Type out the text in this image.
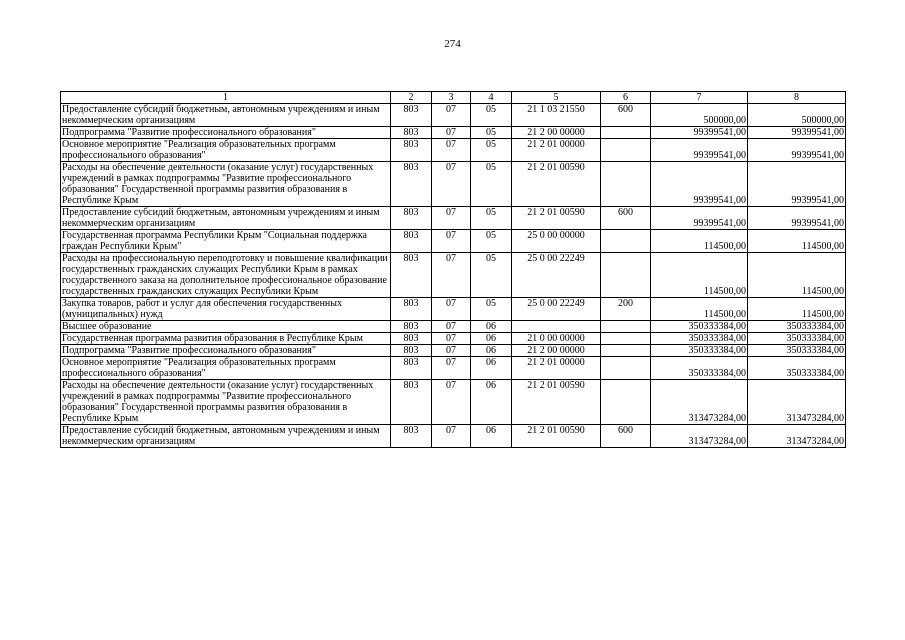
274
1	2	3	4	5	6	7	8
Предоставление субсидий бюджетным, автономным учреждениям и иным некоммерческим организациям	803	07	05	21 1 03 21550	600	500000,00	500000,00
Подпрограмма "Развитие профессионального образования"	803	07	05	21 2 00 00000		99399541,00	99399541,00
Основное мероприятие "Реализация образовательных программ профессионального образования"	803	07	05	21 2 01 00000		99399541,00	99399541,00
Расходы на обеспечение деятельности (оказание услуг) государственных учреждений в рамках подпрограммы "Развитие профессионального образования" Государственной программы развития образования в Республике Крым	803	07	05	21 2 01 00590		99399541,00	99399541,00
Предоставление субсидий бюджетным, автономным учреждениям и иным некоммерческим организациям	803	07	05	21 2 01 00590	600	99399541,00	99399541,00
Государственная программа Республики Крым "Социальная поддержка граждан Республики Крым"	803	07	05	25 0 00 00000		114500,00	114500,00
Расходы на профессиональную переподготовку и повышение квалификации государственных гражданских служащих Республики Крым в рамках государственного заказа на дополнительное профессиональное образование государственных гражданских служащих Республики Крым	803	07	05	25 0 00 22249		114500,00	114500,00
Закупка товаров, работ и услуг для обеспечения государственных (муниципальных) нужд	803	07	05	25 0 00 22249	200	114500,00	114500,00
Высшее образование	803	07	06			350333384,00	350333384,00
Государственная программа развития образования в Республике Крым	803	07	06	21 0 00 00000		350333384,00	350333384,00
Подпрограмма "Развитие профессионального образования"	803	07	06	21 2 00 00000		350333384,00	350333384,00
Основное мероприятие "Реализация образовательных программ профессионального образования"	803	07	06	21 2 01 00000		350333384,00	350333384,00
Расходы на обеспечение деятельности (оказание услуг) государственных учреждений в рамках подпрограммы "Развитие профессионального образования" Государственной программы развития образования в Республике Крым	803	07	06	21 2 01 00590		313473284,00	313473284,00
Предоставление субсидий бюджетным, автономным учреждениям и иным некоммерческим организациям	803	07	06	21 2 01 00590	600	313473284,00	313473284,00
